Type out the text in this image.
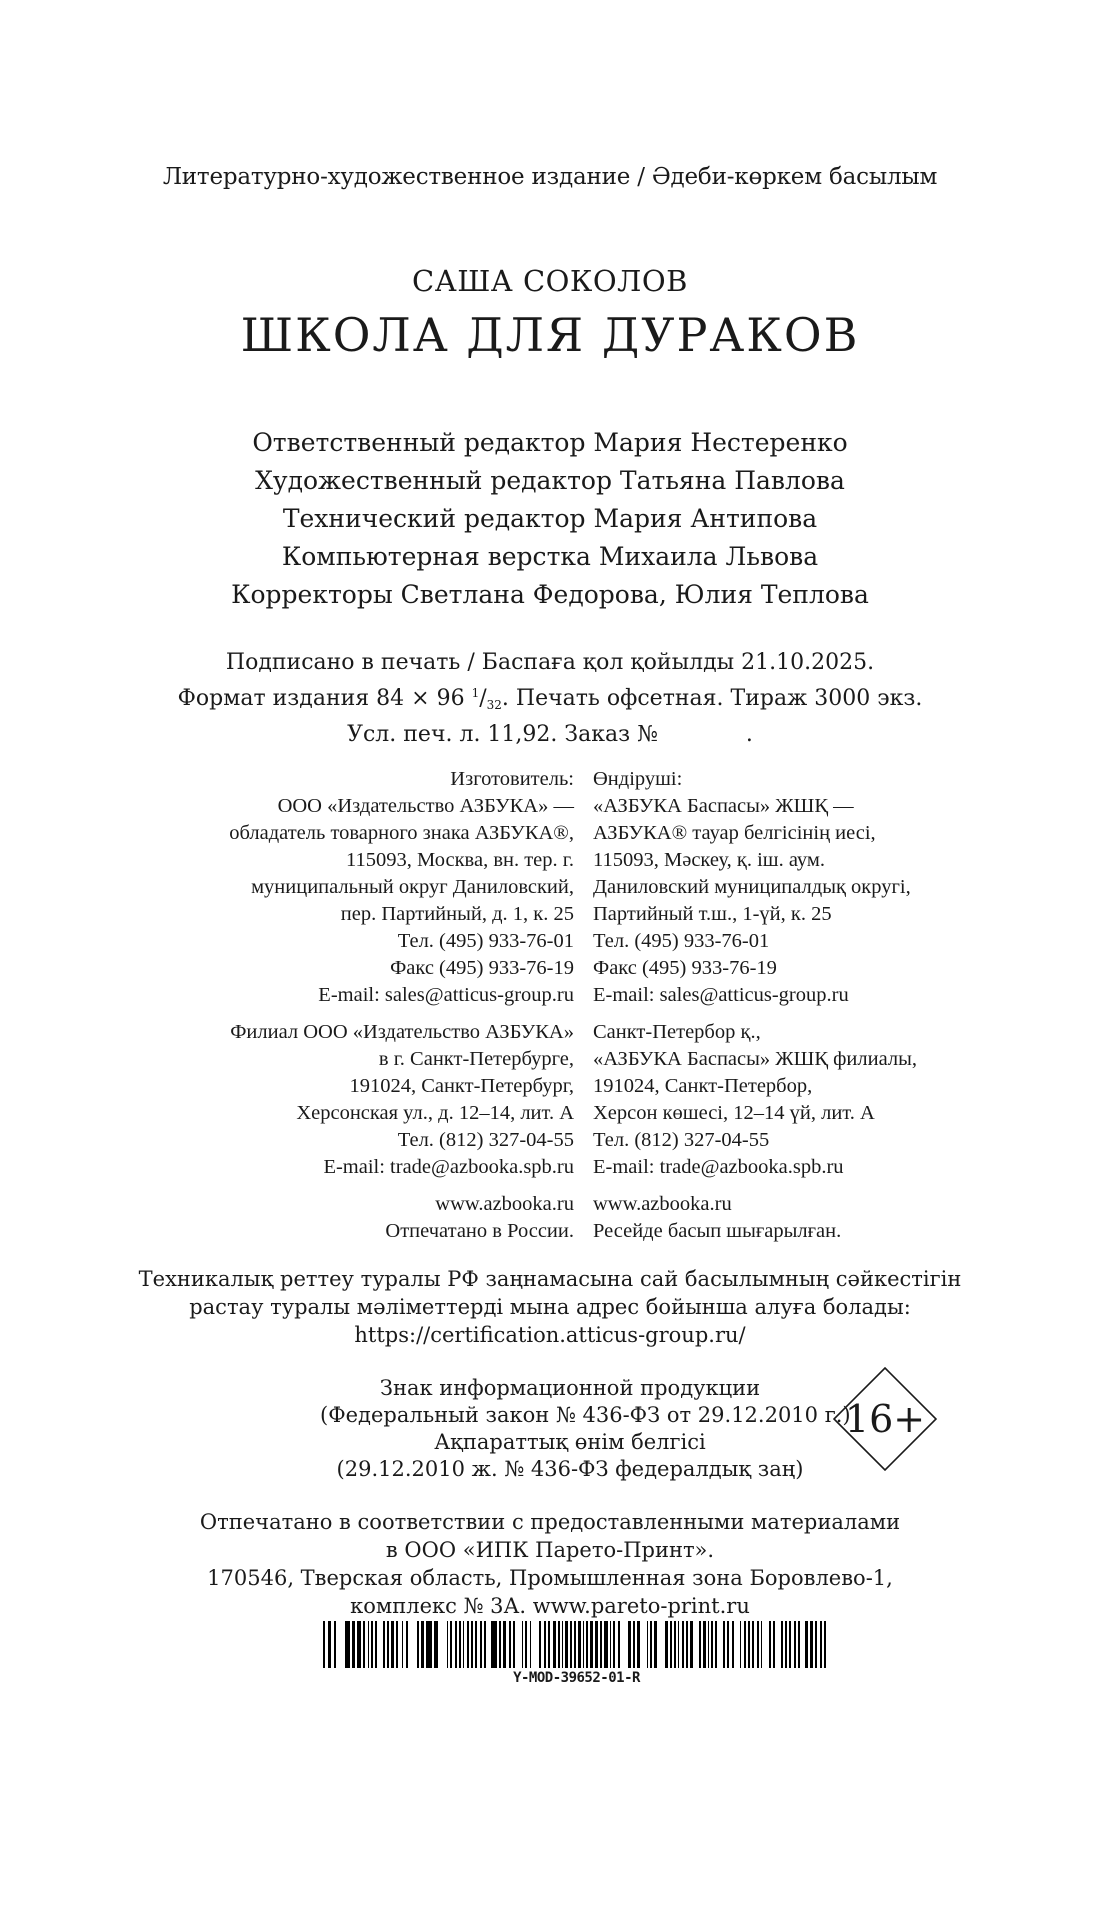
Литературно-художественное издание / Әдеби-көркем басылым
САША СОКОЛОВ
ШКОЛА ДЛЯ ДУРАКОВ
Ответственный редактор Мария Нестеренко
Художественный редактор Татьяна Павлова
Технический редактор Мария Антипова
Компьютерная верстка Михаила Львова
Корректоры Светлана Федорова, Юлия Теплова
Подписано в печать / Баспаға қол қойылды 21.10.2025.
Формат издания 84 × 96 $^1/_{32}$. Печать офсетная. Тираж 3000 экз.
Усл. печ. л. 11,92. Заказ №	.
Изготовитель:
ООО «Издательство АЗБУКА» —
обладатель товарного знака АЗБУКА®,
115093, Москва, вн. тер. г.
муниципальный округ Даниловский,
пер. Партийный, д. 1, к. 25
Тел. (495) 933-76-01
Факс (495) 933-76-19
E-mail: sales@atticus-group.ru
Филиал ООО «Издательство АЗБУКА»
в г. Санкт-Петербурге,
191024, Санкт-Петербург,
Херсонская ул., д. 12–14, лит. А
Тел. (812) 327-04-55
E-mail: trade@azbooka.spb.ru
www.azbooka.ru
Отпечатано в России.
Өндіруші:
«АЗБУКА Баспасы» ЖШҚ —
АЗБУКА® тауар белгісінің иесі,
115093, Мәскеу, қ. іш. аум.
Даниловский муниципалдық округі,
Партийный т.ш., 1-үй, к. 25
Тел. (495) 933-76-01
Факс (495) 933-76-19
E-mail: sales@atticus-group.ru
Санкт-Петербор қ.,
«АЗБУКА Баспасы» ЖШҚ филиалы,
191024, Санкт-Петербор,
Херсон көшесі, 12–14 үй, лит. А
Тел. (812) 327-04-55
E-mail: trade@azbooka.spb.ru
www.azbooka.ru
Ресейде басып шығарылған.
Техникалық реттеу туралы РФ заңнамасына сай басылымның сәйкестігін
растау туралы мәліметтерді мына адрес бойынша алуға болады:
https://certification.atticus-group.ru/
Знак информационной продукции
(Федеральный закон № 436-ФЗ от 29.12.2010 г.)
Ақпараттық өнім белгісі
(29.12.2010 ж. № 436-ФЗ федералдық заң)
16+
Отпечатано в соответствии с предоставленными материалами
в ООО «ИПК Парето-Принт».
170546, Тверская область, Промышленная зона Боровлево-1,
комплекс № 3А. www.pareto-print.ru
Y-MOD-39652-01-R
